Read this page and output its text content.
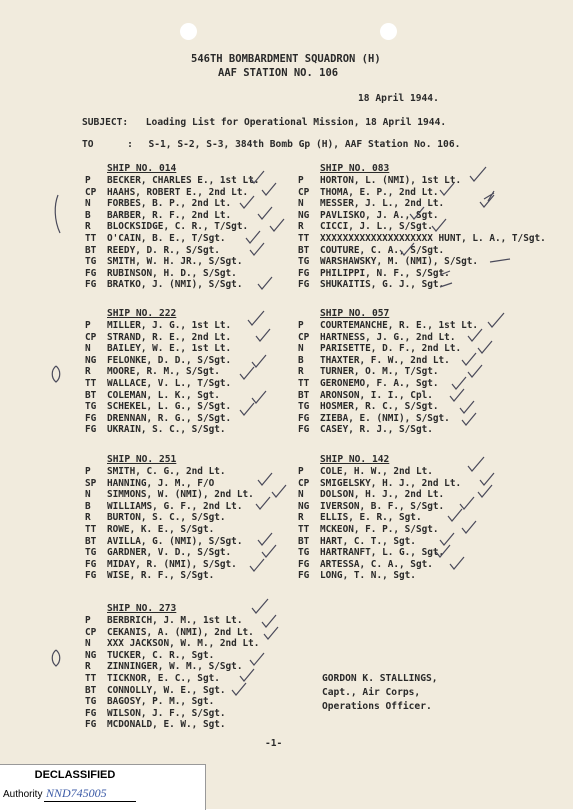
546TH BOMBARDMENT SQUADRON (H)
AAF STATION NO. 106
18 April 1944.
SUBJECT: Loading List for Operational Mission, 18 April 1944.
TO	: S-1, S-2, S-3, 384th Bomb Gp (H), AAF Station No. 106.
SHIP NO. 014
P BECKER, CHARLES E., 1st Lt.
CP HAAHS, ROBERT E., 2nd Lt.
N FORBES, B. P., 2nd Lt.
B BARBER, R. F., 2nd Lt.
R BLOCKSIDGE, C. R., T/Sgt.
TT O'CAIN, B. E., T/Sgt.
BT REEDY, D. R., S/Sgt.
TG SMITH, W. H. JR., S/Sgt.
FG RUBINSON, H. D., S/Sgt.
FG BRATKO, J. (NMI), S/Sgt.
SHIP NO. 083
P HORTON, L. (NMI), 1st Lt.
CP THOMA, E. P., 2nd Lt.
N MESSER, J. L., 2nd Lt.
NG PAVLISKO, J. A., Sgt.
R CICCI, J. L., S/Sgt.
TT XXXXXXXXXXXXXXXXXXXX HUNT, L. A., T/Sgt.
BT COUTURE, C. A., S/Sgt.
TG WARSHAWSKY, M. (NMI), S/Sgt.
FG PHILIPPI, N. F., S/Sgt.
FG SHUKAITIS, G. J., Sgt.
SHIP NO. 222
P MILLER, J. G., 1st Lt.
CP STRAND, R. E., 2nd Lt.
N BAILEY, W. E., 1st Lt.
NG FELONKE, D. D., S/Sgt.
R MOORE, R. M., S/Sgt.
TT WALLACE, V. L., T/Sgt.
BT COLEMAN, L. K., Sgt.
TG SCHEKEL, L. G., S/Sgt.
FG DRENNAN, R. G., S/Sgt.
FG UKRAIN, S. C., S/Sgt.
SHIP NO. 057
P COURTEMANCHE, R. E., 1st Lt.
CP HARTNESS, J. G., 2nd Lt.
N PARISETTE, D. F., 2nd Lt.
B THAXTER, F. W., 2nd Lt.
R TURNER, O. M., T/Sgt.
TT GERONEMO, F. A., Sgt.
BT ARONSON, I. I., Cpl.
TG HOSMER, R. C., S/Sgt.
FG ZIEBA, E. (NMI), S/Sgt.
FG CASEY, R. J., S/Sgt.
SHIP NO. 251
P SMITH, C. G., 2nd Lt.
SP HANNING, J. M., F/O
N SIMMONS, W. (NMI), 2nd Lt.
B WILLIAMS, G. F., 2nd Lt.
R BURTON, S. C., S/Sgt.
TT ROWE, K. E., S/Sgt.
BT AVILLA, G. (NMI), S/Sgt.
TG GARDNER, V. D., S/Sgt.
FG MIDAY, R. (NMI), S/Sgt.
FG WISE, R. F., S/Sgt.
SHIP NO. 142
P COLE, H. W., 2nd Lt.
CP SMIGELSKY, H. J., 2nd Lt.
N DOLSON, H. J., 2nd Lt.
NG IVERSON, B. F., S/Sgt.
R ELLIS, E. R., Sgt.
TT MCKEON, F. P., S/Sgt.
BT HART, C. T., Sgt.
TG HARTRANFT, L. G., Sgt.
FG ARTESSA, C. A., Sgt.
FG LONG, T. N., Sgt.
SHIP NO. 273
P BERBRICH, J. M., 1st Lt.
CP CEKANIS, A. (NMI), 2nd Lt.
N XXX JACKSON, W. M., 2nd Lt.
NG TUCKER, C. R., Sgt.
R ZINNINGER, W. M., S/Sgt.
TT TICKNOR, E. C., Sgt.
BT CONNOLLY, W. E., Sgt.
TG BAGOSY, P. M., Sgt.
FG WILSON, J. F., S/Sgt.
FG MCDONALD, E. W., Sgt.
GORDON K. STALLINGS,
Capt., Air Corps,
Operations Officer.
-1-
DECLASSIFIED
Authority NND745005
